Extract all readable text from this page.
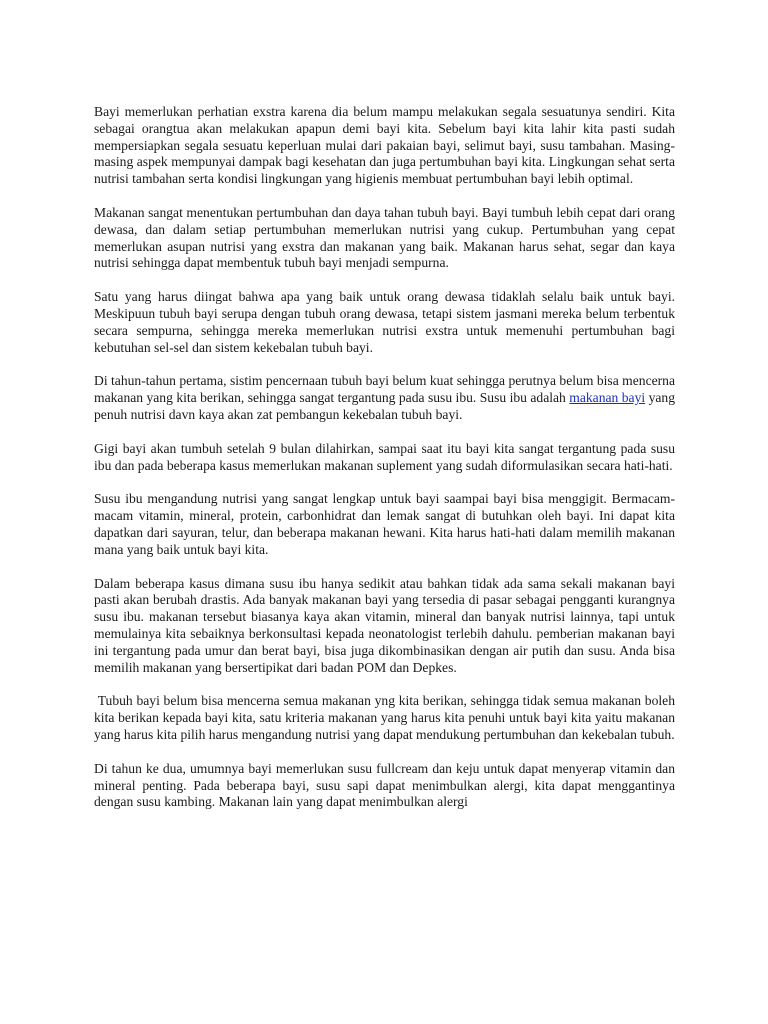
Bayi memerlukan perhatian exstra karena dia belum mampu melakukan segala sesuatunya sendiri. Kita sebagai orangtua akan melakukan apapun demi bayi kita. Sebelum bayi kita lahir kita pasti sudah mempersiapkan segala sesuatu keperluan mulai dari pakaian bayi, selimut bayi, susu tambahan. Masing-masing aspek mempunyai dampak bagi kesehatan dan juga pertumbuhan bayi kita. Lingkungan sehat serta nutrisi tambahan serta kondisi lingkungan yang higienis membuat pertumbuhan bayi lebih optimal.

Makanan sangat menentukan pertumbuhan dan daya tahan tubuh bayi. Bayi tumbuh lebih cepat dari orang dewasa, dan dalam setiap pertumbuhan memerlukan nutrisi yang cukup. Pertumbuhan yang cepat memerlukan asupan nutrisi yang exstra dan makanan yang baik. Makanan harus sehat, segar dan kaya nutrisi sehingga dapat membentuk tubuh bayi menjadi sempurna.

Satu yang harus diingat bahwa apa yang baik untuk orang dewasa tidaklah selalu baik untuk bayi. Meskipuun tubuh bayi serupa dengan tubuh orang dewasa, tetapi sistem jasmani mereka belum terbentuk secara sempurna, sehingga mereka memerlukan nutrisi exstra untuk memenuhi pertumbuhan bagi kebutuhan sel-sel dan sistem kekebalan tubuh bayi.

Di tahun-tahun pertama, sistim pencernaan tubuh bayi belum kuat sehingga perutnya belum bisa mencerna  makanan yang kita berikan, sehingga sangat tergantung pada susu ibu. Susu ibu adalah makanan bayi yang penuh nutrisi davn kaya akan zat pembangun kekebalan tubuh bayi.

Gigi bayi akan tumbuh setelah 9 bulan dilahirkan, sampai saat itu bayi kita sangat tergantung pada susu ibu dan pada beberapa kasus memerlukan makanan suplement yang sudah diformulasikan secara hati-hati.

Susu ibu mengandung nutrisi yang sangat lengkap untuk bayi saampai bayi bisa menggigit. Bermacam-macam vitamin, mineral, protein, carbonhidrat dan lemak sangat di butuhkan oleh bayi. Ini dapat kita dapatkan dari sayuran, telur, dan beberapa makanan hewani. Kita harus hati-hati dalam memilih makanan mana yang baik untuk bayi kita.

Dalam beberapa kasus dimana susu ibu hanya sedikit atau bahkan tidak ada sama sekali makanan bayi pasti akan berubah drastis. Ada banyak makanan bayi yang tersedia di pasar sebagai pengganti kurangnya susu ibu. makanan tersebut biasanya kaya akan vitamin, mineral dan banyak nutrisi lainnya, tapi untuk memulainya kita sebaiknya berkonsultasi kepada neonatologist terlebih dahulu. pemberian makanan bayi ini tergantung pada umur dan berat bayi, bisa juga dikombinasikan dengan air putih dan susu. Anda bisa memilih makanan yang bersertipikat dari badan POM dan Depkes.

Tubuh bayi belum bisa mencerna semua makanan yng kita berikan, sehingga tidak semua makanan boleh kita berikan kepada bayi kita, satu kriteria makanan yang harus kita penuhi untuk bayi kita yaitu makanan yang harus kita pilih harus mengandung nutrisi yang dapat mendukung pertumbuhan dan kekebalan tubuh.

Di tahun ke dua, umumnya bayi memerlukan susu fullcream dan keju untuk dapat menyerap vitamin dan mineral penting. Pada beberapa bayi, susu sapi dapat menimbulkan alergi, kita dapat menggantinya dengan susu kambing. Makanan lain yang dapat menimbulkan alergi
